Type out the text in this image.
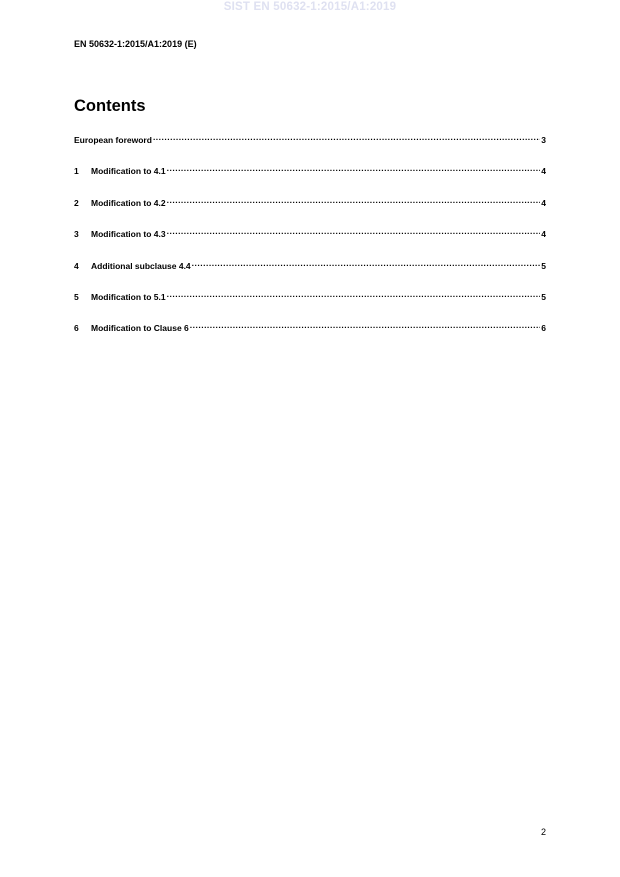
SIST EN 50632-1:2015/A1:2019
EN 50632-1:2015/A1:2019 (E)
Contents
European foreword .....	3
1	Modification to 4.1 .....	4
2	Modification to 4.2 .....	4
3	Modification to 4.3 .....	4
4	Additional subclause 4.4 .....	5
5	Modification to 5.1 .....	5
6	Modification to Clause 6 .....	6
2
